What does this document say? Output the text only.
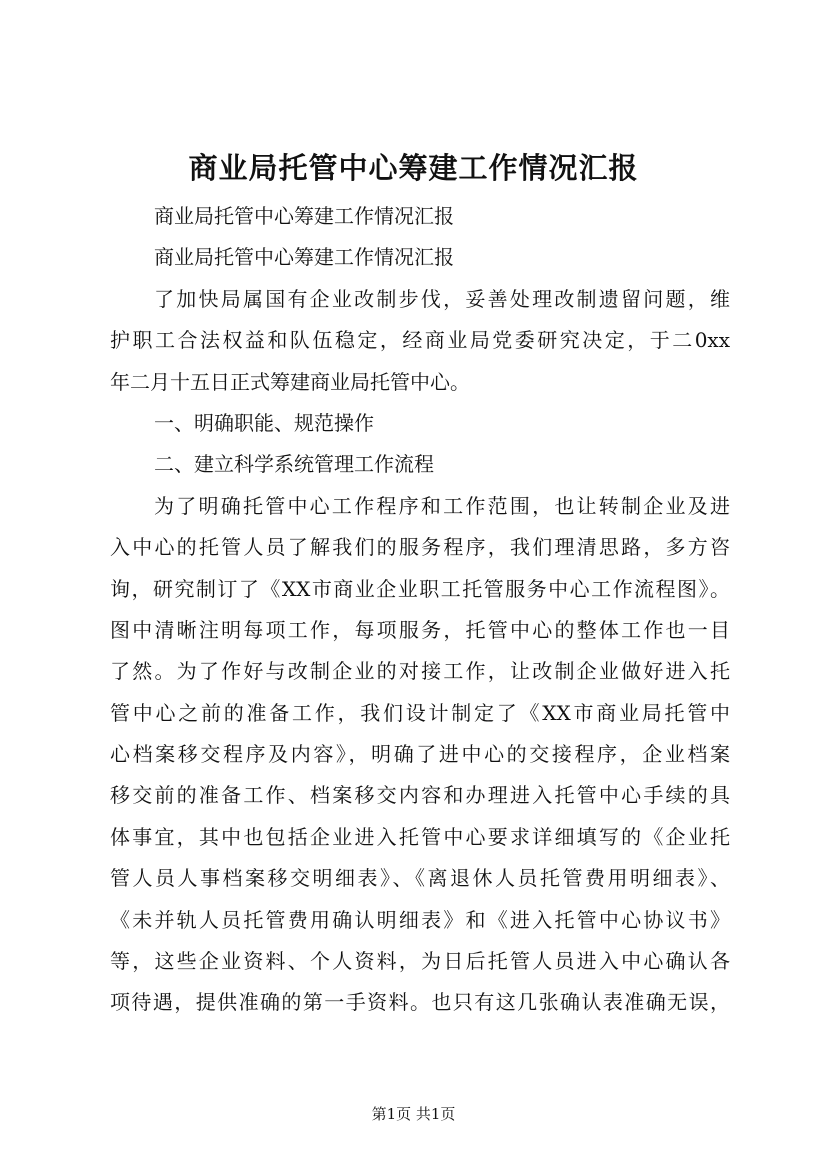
商业局托管中心筹建工作情况汇报
商业局托管中心筹建工作情况汇报
商业局托管中心筹建工作情况汇报
了加快局属国有企业改制步伐，妥善处理改制遗留问题，维
护职工合法权益和队伍稳定，经商业局党委研究决定，于二0xx
年二月十五日正式筹建商业局托管中心。
一、明确职能、规范操作
二、建立科学系统管理工作流程
为了明确托管中心工作程序和工作范围，也让转制企业及进
入中心的托管人员了解我们的服务程序，我们理清思路，多方咨
询，研究制订了《XX市商业企业职工托管服务中心工作流程图》。
图中清晰注明每项工作，每项服务，托管中心的整体工作也一目
了然。为了作好与改制企业的对接工作，让改制企业做好进入托
管中心之前的准备工作，我们设计制定了《XX市商业局托管中
心档案移交程序及内容》，明确了进中心的交接程序，企业档案
移交前的准备工作、档案移交内容和办理进入托管中心手续的具
体事宜，其中也包括企业进入托管中心要求详细填写的《企业托
管人员人事档案移交明细表》、《离退休人员托管费用明细表》、
《未并轨人员托管费用确认明细表》和《进入托管中心协议书》
等，这些企业资料、个人资料，为日后托管人员进入中心确认各
项待遇，提供准确的第一手资料。也只有这几张确认表准确无误，
第1页 共1页
